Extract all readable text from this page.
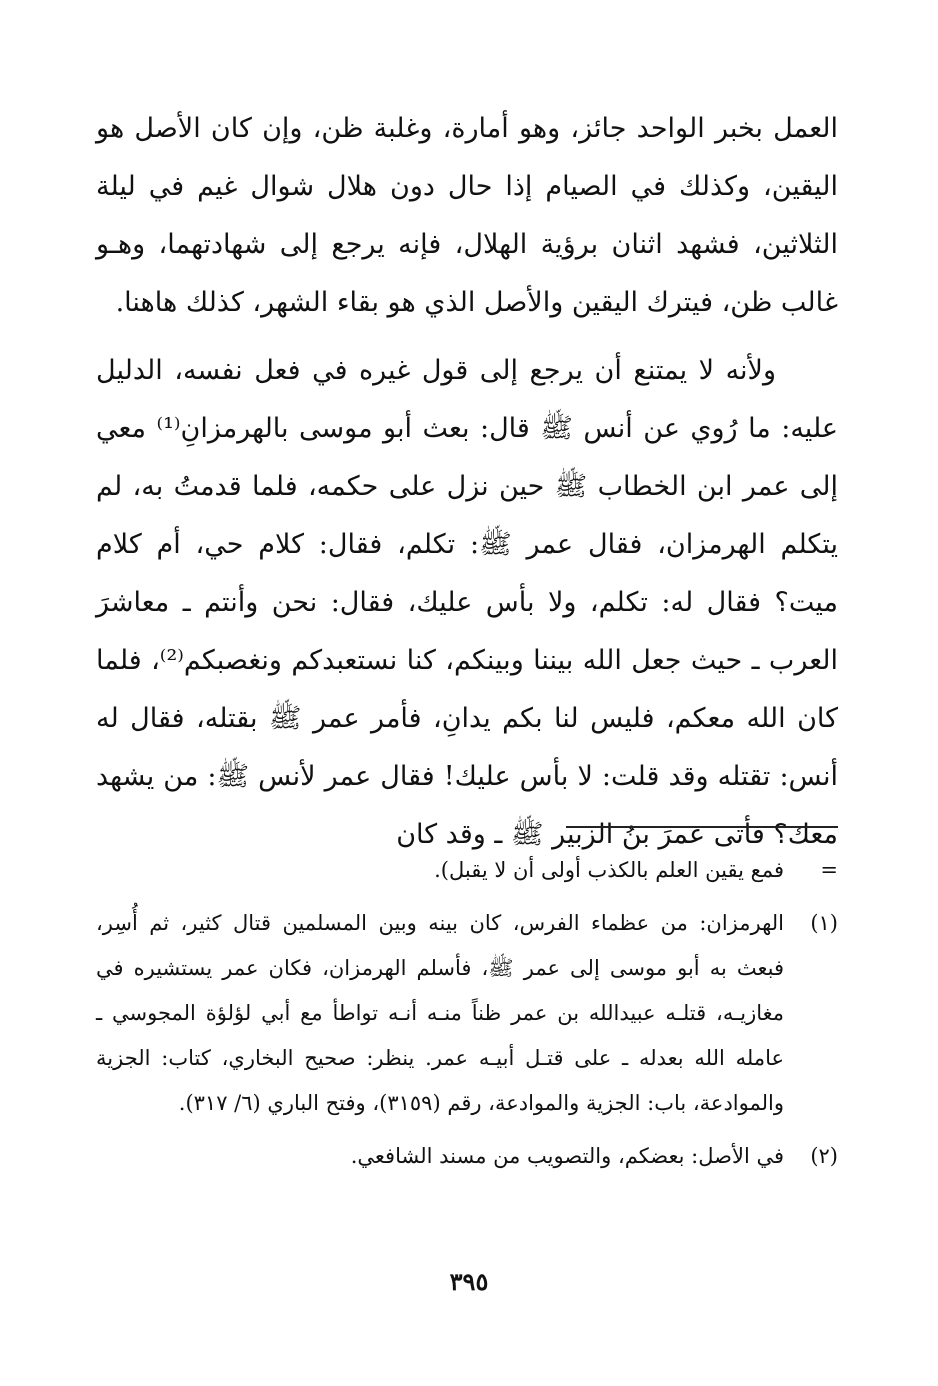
العمل بخبر الواحد جائز، وهو أمارة، وغلبة ظن، وإن كان الأصل هو اليقين، وكذلك في الصيام إذا حال دون هلال شوال غيم في ليلة الثلاثين، فشهد اثنان برؤية الهلال، فإنه يرجع إلى شهادتهما، وهـو غالب ظن، فيترك اليقين والأصل الذي هو بقاء الشهر، كذلك هاهنا.

ولأنه لا يمتنع أن يرجع إلى قول غيره في فعل نفسه، الدليل عليه: ما رُوي عن أنس ﷺ قال: بعث أبو موسى بالهرمزانِ⁽¹⁾ معي إلى عمر ابن الخطاب ﷺ حين نزل على حكمه، فلما قدمتُ به، لم يتكلم الهرمزان، فقال عمر ﷺ: تكلم، فقال: كلام حي، أم كلام ميت؟ فقال له: تكلم، ولا بأس عليك، فقال: نحن وأنتم ـ معاشرَ العرب ـ حيث جعل الله بيننا وبينكم، كنا نستعبدكم ونغصبكم⁽²⁾، فلما كان الله معكم، فليس لنا بكم يدانِ، فأمر عمر ﷺ بقتله، فقال له أنس: تقتله وقد قلت: لا بأس عليك! فقال عمر لأنس ﷺ: من يشهد معك؟ فأتى عمرَ بنُ الزبير ﷺ ـ وقد كان

=
فمع يقين العلم بالكذب أولى أن لا يقبل).
(١)
الهرمزان: من عظماء الفرس، كان بينه وبين المسلمين قتال كثير، ثم أُسِر، فبعث به أبو موسى إلى عمر ﷺ، فأسلم الهرمزان، فكان عمر يستشيره في مغازيـه، قتلـه عبيدالله بن عمر ظناً منـه أنـه تواطأ مع أبي لؤلؤة المجوسي ـ عامله الله بعدله ـ على قتـل أبيـه عمر. ينظر: صحيح البخاري، كتاب: الجزية والموادعة، باب: الجزية والموادعة، رقم (٣١٥٩)، وفتح الباري (٦/ ٣١٧).
(٢)
في الأصل: بعضكم، والتصويب من مسند الشافعي.
٣٩٥
